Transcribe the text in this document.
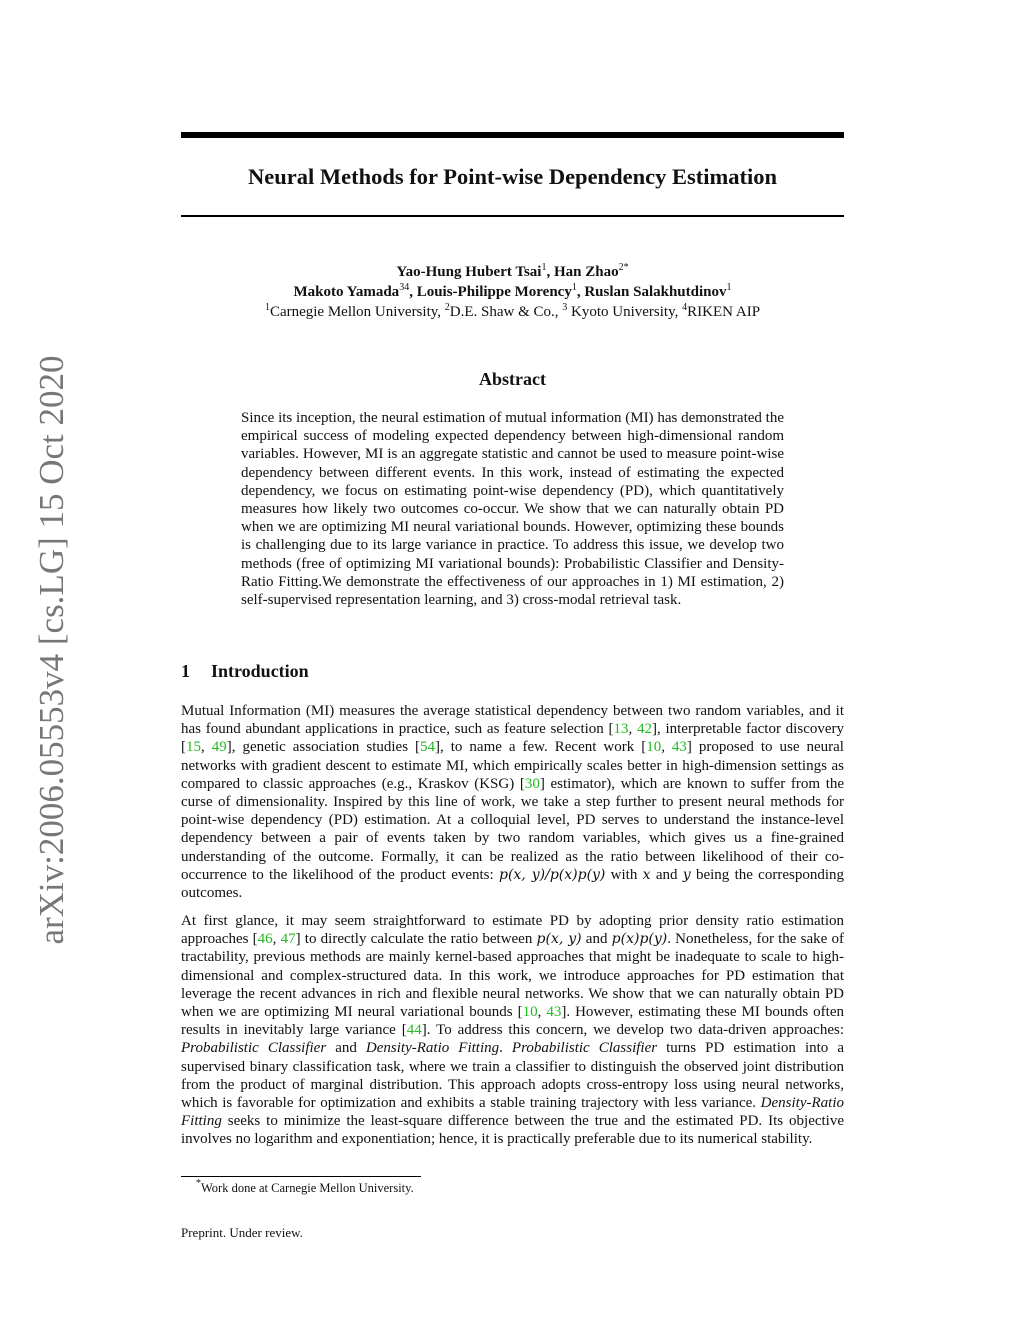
arXiv:2006.05553v4 [cs.LG] 15 Oct 2020
Neural Methods for Point-wise Dependency Estimation
Yao-Hung Hubert Tsai$^1$, Han Zhao$^{2*}$
Makoto Yamada$^{34}$, Louis-Philippe Morency$^1$, Ruslan Salakhutdinov$^1$
$^1$Carnegie Mellon University, $^2$D.E. Shaw & Co., $^3$ Kyoto University, $^4$RIKEN AIP
Abstract
Since its inception, the neural estimation of mutual information (MI) has demonstrated the empirical success of modeling expected dependency between high-dimensional random variables. However, MI is an aggregate statistic and cannot be used to measure point-wise dependency between different events. In this work, instead of estimating the expected dependency, we focus on estimating point-wise dependency (PD), which quantitatively measures how likely two outcomes co-occur. We show that we can naturally obtain PD when we are optimizing MI neural variational bounds. However, optimizing these bounds is challenging due to its large variance in practice. To address this issue, we develop two methods (free of optimizing MI variational bounds): Probabilistic Classifier and Density-Ratio Fitting.We demonstrate the effectiveness of our approaches in 1) MI estimation, 2) self-supervised representation learning, and 3) cross-modal retrieval task.
1 Introduction
Mutual Information (MI) measures the average statistical dependency between two random variables, and it has found abundant applications in practice, such as feature selection [13, 42], interpretable factor discovery [15, 49], genetic association studies [54], to name a few. Recent work [10, 43] proposed to use neural networks with gradient descent to estimate MI, which empirically scales better in high-dimension settings as compared to classic approaches (e.g., Kraskov (KSG) [30] estimator), which are known to suffer from the curse of dimensionality. Inspired by this line of work, we take a step further to present neural methods for point-wise dependency (PD) estimation. At a colloquial level, PD serves to understand the instance-level dependency between a pair of events taken by two random variables, which gives us a fine-grained understanding of the outcome. Formally, it can be realized as the ratio between likelihood of their co-occurrence to the likelihood of the product events: p(x, y)/p(x)p(y) with x and y being the corresponding outcomes.
At first glance, it may seem straightforward to estimate PD by adopting prior density ratio estimation approaches [46, 47] to directly calculate the ratio between p(x, y) and p(x)p(y). Nonetheless, for the sake of tractability, previous methods are mainly kernel-based approaches that might be inadequate to scale to high-dimensional and complex-structured data. In this work, we introduce approaches for PD estimation that leverage the recent advances in rich and flexible neural networks. We show that we can naturally obtain PD when we are optimizing MI neural variational bounds [10, 43]. However, estimating these MI bounds often results in inevitably large variance [44]. To address this concern, we develop two data-driven approaches: Probabilistic Classifier and Density-Ratio Fitting. Probabilistic Classifier turns PD estimation into a supervised binary classification task, where we train a classifier to distinguish the observed joint distribution from the product of marginal distribution. This approach adopts cross-entropy loss using neural networks, which is favorable for optimization and exhibits a stable training trajectory with less variance. Density-Ratio Fitting seeks to minimize the least-square difference between the true and the estimated PD. Its objective involves no logarithm and exponentiation; hence, it is practically preferable due to its numerical stability.
*Work done at Carnegie Mellon University.
Preprint. Under review.
